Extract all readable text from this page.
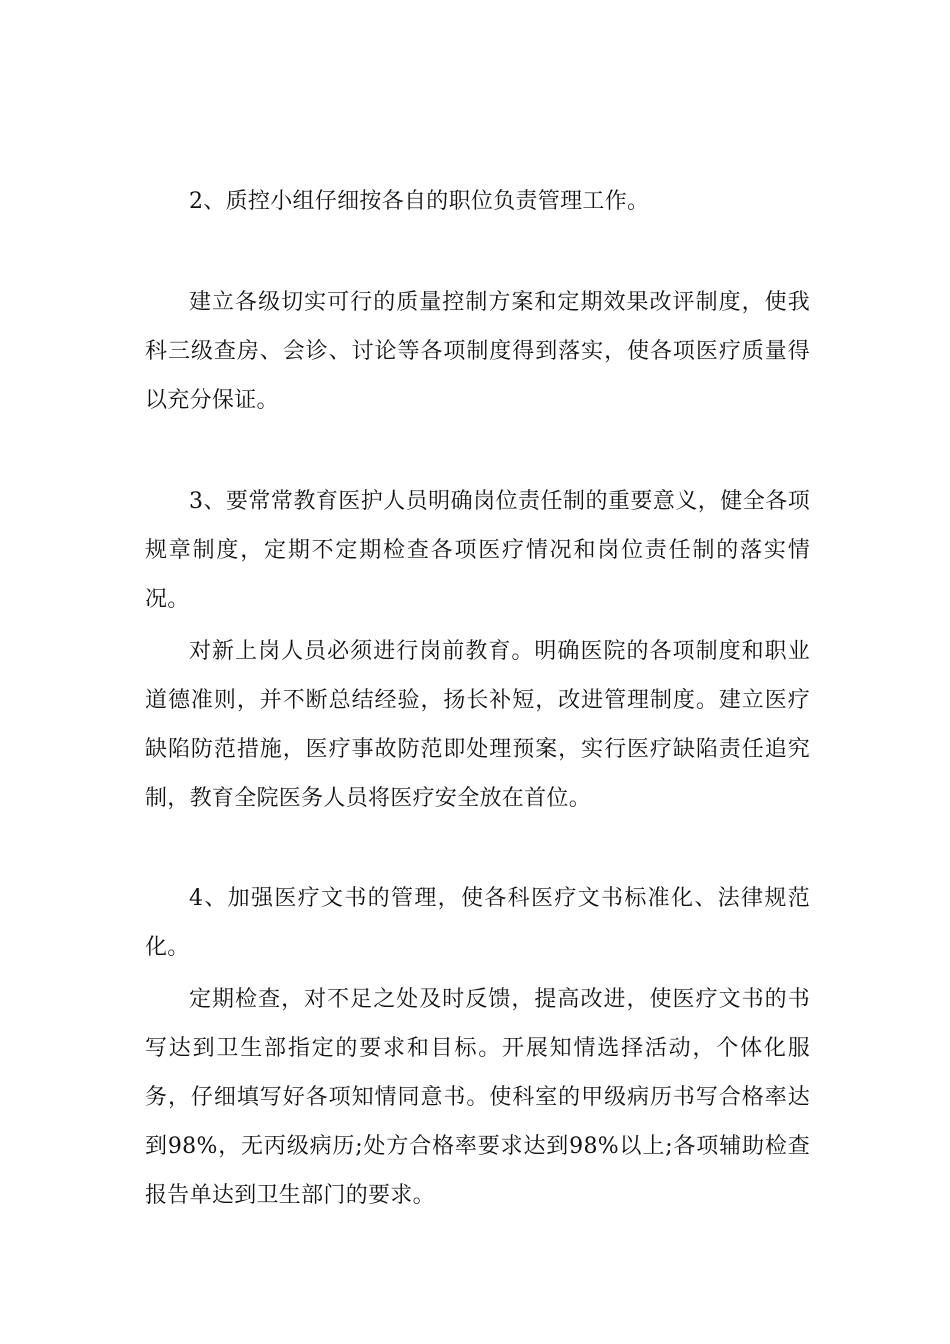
2、质控小组仔细按各自的职位负责管理工作。

建立各级切实可行的质量控制方案和定期效果改评制度，使我科三级查房、会诊、讨论等各项制度得到落实，使各项医疗质量得以充分保证。

3、要常常教育医护人员明确岗位责任制的重要意义，健全各项规章制度，定期不定期检查各项医疗情况和岗位责任制的落实情况。

对新上岗人员必须进行岗前教育。明确医院的各项制度和职业道德准则，并不断总结经验，扬长补短，改进管理制度。建立医疗缺陷防范措施，医疗事故防范即处理预案，实行医疗缺陷责任追究制，教育全院医务人员将医疗安全放在首位。

4、加强医疗文书的管理，使各科医疗文书标准化、法律规范化。

定期检查，对不足之处及时反馈，提高改进，使医疗文书的书写达到卫生部指定的要求和目标。开展知情选择活动，个体化服务，仔细填写好各项知情同意书。使科室的甲级病历书写合格率达到98%，无丙级病历;处方合格率要求达到98%以上;各项辅助检查报告单达到卫生部门的要求。
